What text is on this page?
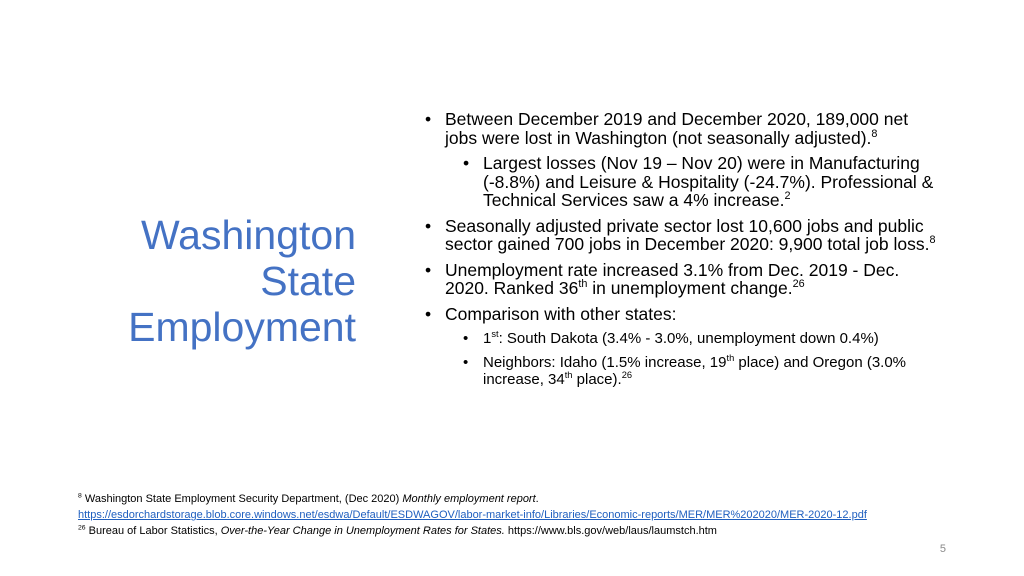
Washington
State
Employment
• Between December 2019 and December 2020, 189,000 net jobs were lost in Washington (not seasonally adjusted).$^8$
• Largest losses (Nov 19 – Nov 20) were in Manufacturing (-8.8%) and Leisure & Hospitality (-24.7%). Professional & Technical Services saw a 4% increase.$^2$
• Seasonally adjusted private sector lost 10,600 jobs and public sector gained 700 jobs in December 2020: 9,900 total job loss.$^8$
• Unemployment rate increased 3.1% from Dec. 2019 - Dec. 2020. Ranked 36th in unemployment change.$^{26}$
• Comparison with other states:
• 1st: South Dakota (3.4% - 3.0%, unemployment down 0.4%)
• Neighbors: Idaho (1.5% increase, 19th place) and Oregon (3.0% increase, 34th place).$^{26}$
$^8$ Washington State Employment Security Department, (Dec 2020) Monthly employment report.
https://esdorchardstorage.blob.core.windows.net/esdwa/Default/ESDWAGOV/labor-market-info/Libraries/Economic-reports/MER/MER%202020/MER-2020-12.pdf
$^{26}$ Bureau of Labor Statistics, Over-the-Year Change in Unemployment Rates for States. https://www.bls.gov/web/laus/laumstch.htm
5
